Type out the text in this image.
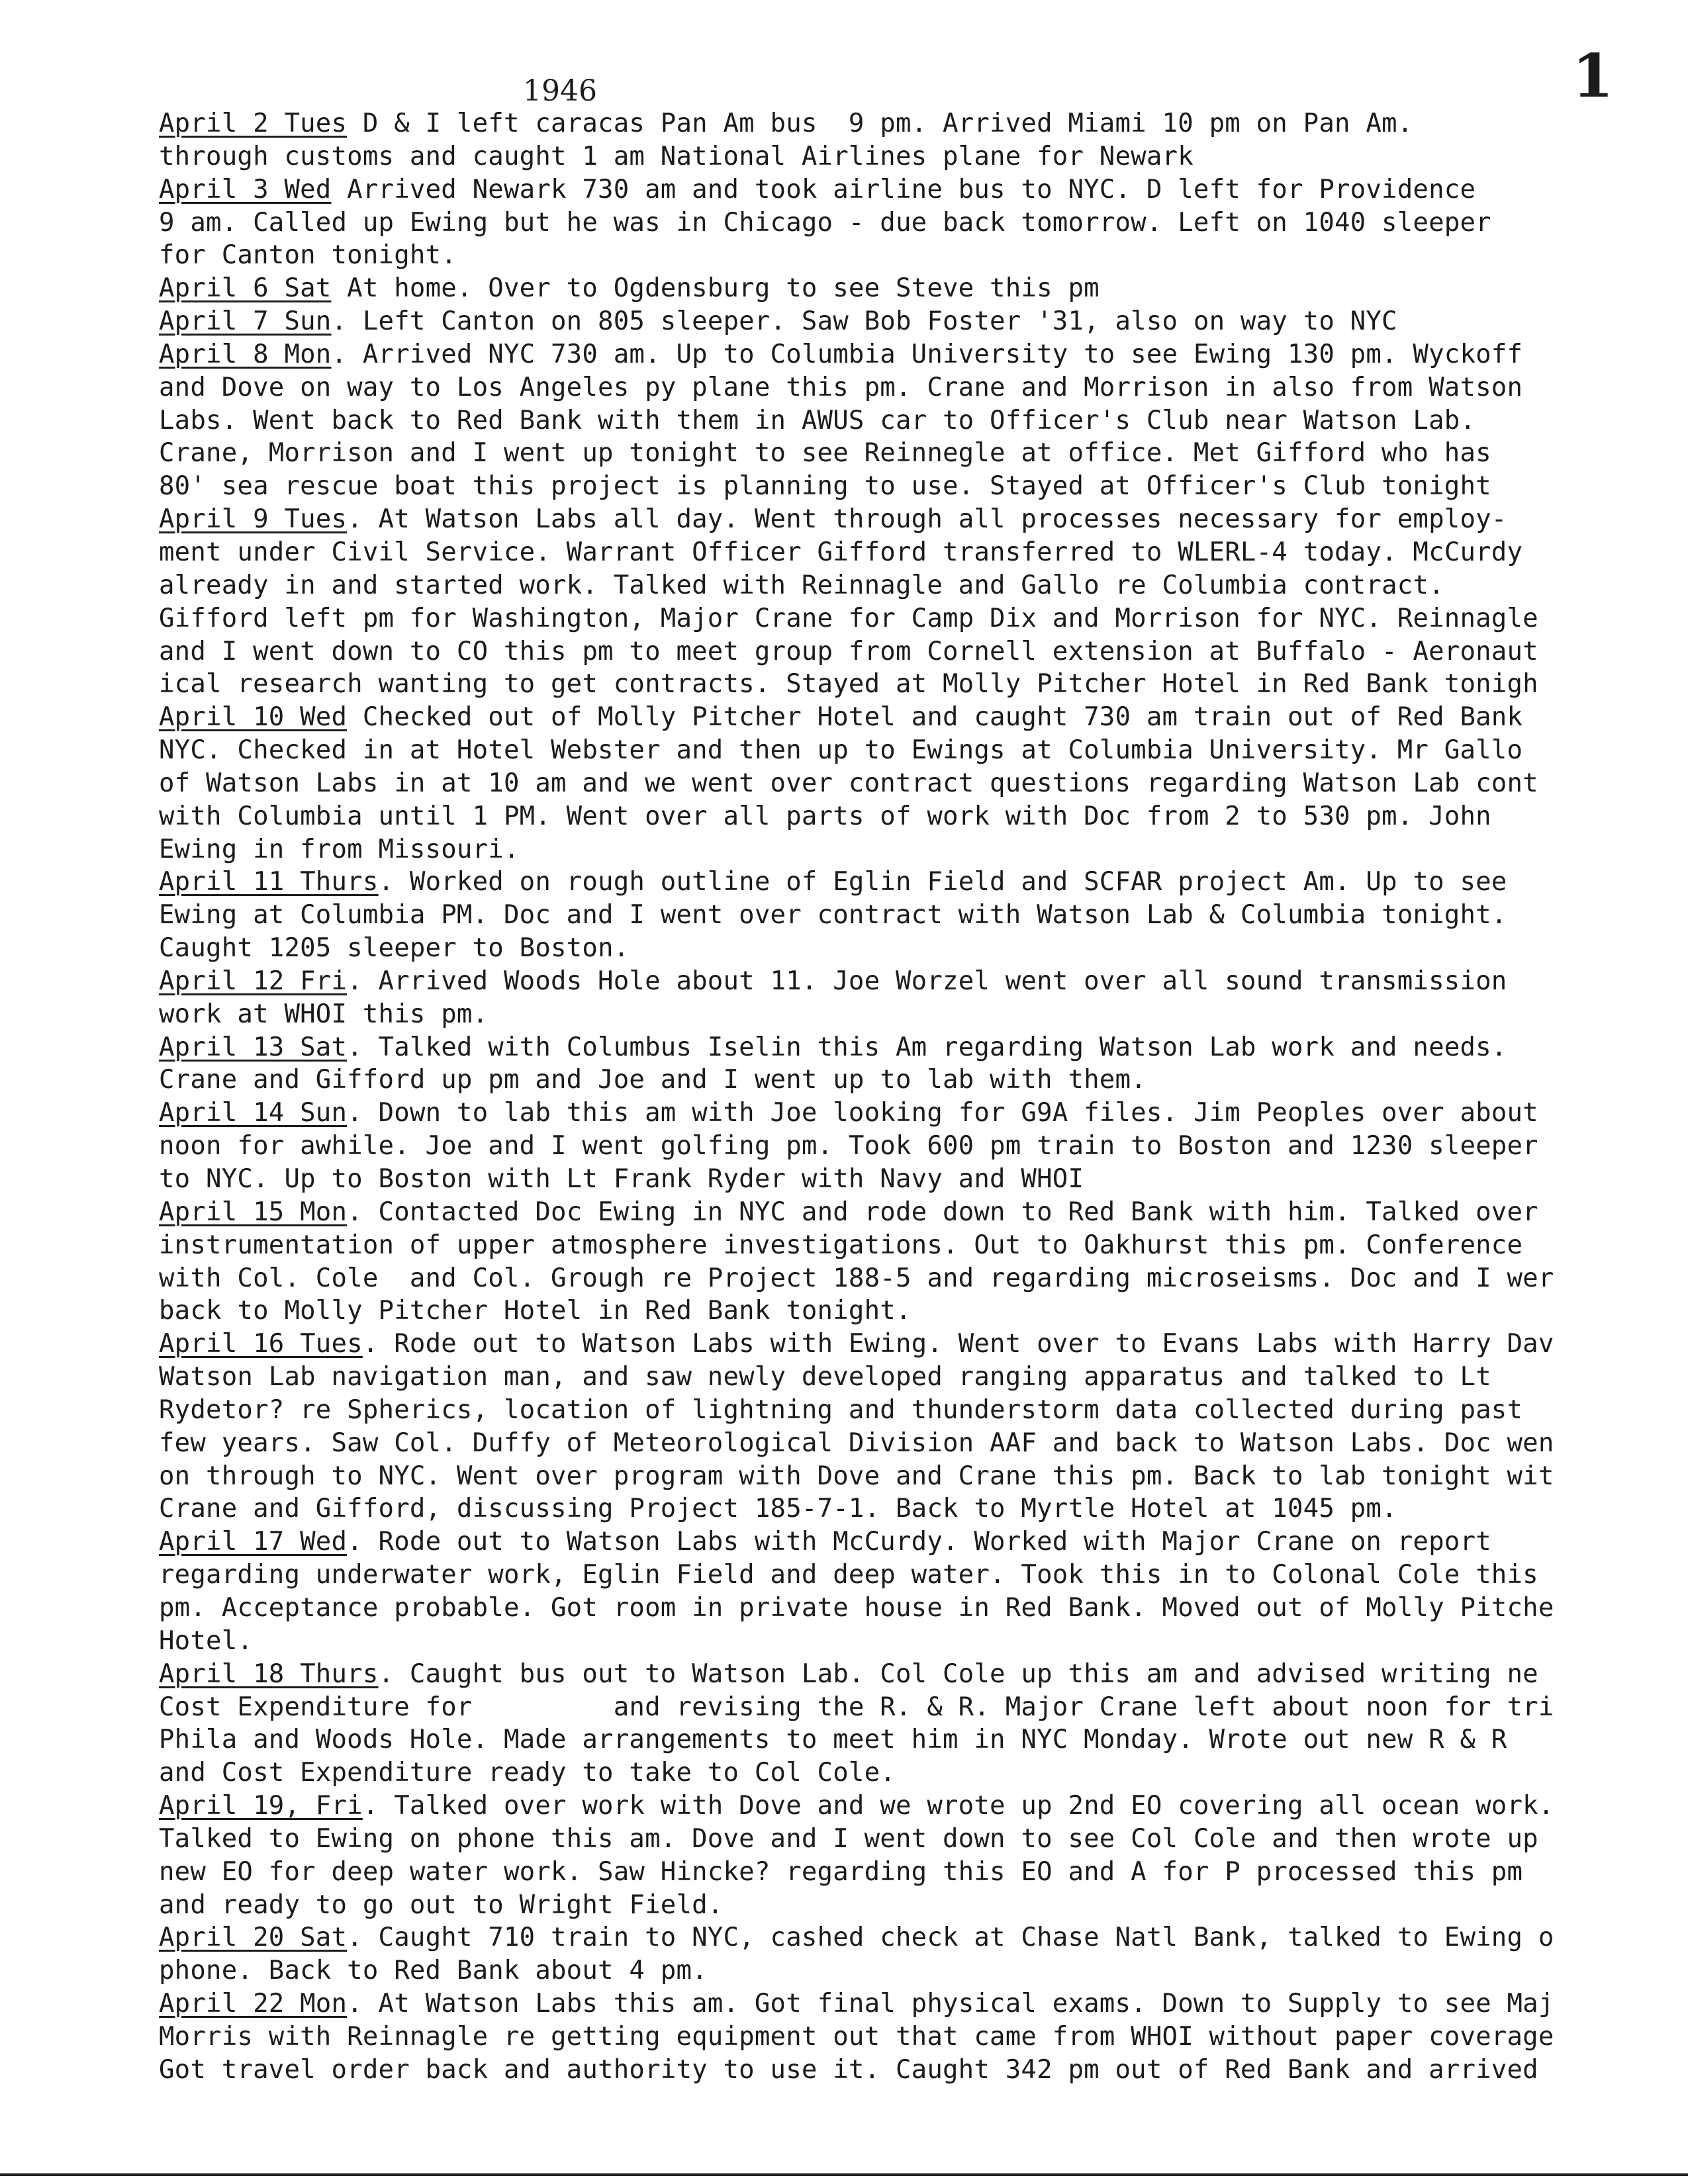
1946	1
April 2 Tues D & I left caracas Pan Am bus  9 pm. Arrived Miami 10 pm on Pan Am.
through customs and caught 1 am National Airlines plane for Newark
April 3 Wed Arrived Newark 730 am and took airline bus to NYC. D left for Providence
9 am. Called up Ewing but he was in Chicago - due back tomorrow. Left on 1040 sleeper
for Canton tonight.
April 6 Sat At home. Over to Ogdensburg to see Steve this pm
April 7 Sun. Left Canton on 805 sleeper. Saw Bob Foster '31, also on way to NYC
April 8 Mon. Arrived NYC 730 am. Up to Columbia University to see Ewing 130 pm. Wyckoff
and Dove on way to Los Angeles py plane this pm. Crane and Morrison in also from Watson
Labs. Went back to Red Bank with them in AWUS car to Officer's Club near Watson Lab.
Crane, Morrison and I went up tonight to see Reinnegle at office. Met Gifford who has
80' sea rescue boat this project is planning to use. Stayed at Officer's Club tonight
April 9 Tues. At Watson Labs all day. Went through all processes necessary for employ-
ment under Civil Service. Warrant Officer Gifford transferred to WLERL-4 today. McCurdy
already in and started work. Talked with Reinnagle and Gallo re Columbia contract.
Gifford left pm for Washington, Major Crane for Camp Dix and Morrison for NYC. Reinnagle
and I went down to CO this pm to meet group from Cornell extension at Buffalo - Aeronaut
ical research wanting to get contracts. Stayed at Molly Pitcher Hotel in Red Bank tonigh
April 10 Wed Checked out of Molly Pitcher Hotel and caught 730 am train out of Red Bank
NYC. Checked in at Hotel Webster and then up to Ewings at Columbia University. Mr Gallo
of Watson Labs in at 10 am and we went over contract questions regarding Watson Lab cont
with Columbia until 1 PM. Went over all parts of work with Doc from 2 to 530 pm. John
Ewing in from Missouri.
April 11 Thurs. Worked on rough outline of Eglin Field and SCFAR project Am. Up to see
Ewing at Columbia PM. Doc and I went over contract with Watson Lab & Columbia tonight.
Caught 1205 sleeper to Boston.
April 12 Fri. Arrived Woods Hole about 11. Joe Worzel went over all sound transmission
work at WHOI this pm.
April 13 Sat. Talked with Columbus Iselin this Am regarding Watson Lab work and needs.
Crane and Gifford up pm and Joe and I went up to lab with them.
April 14 Sun. Down to lab this am with Joe looking for G9A files. Jim Peoples over about
noon for awhile. Joe and I went golfing pm. Took 600 pm train to Boston and 1230 sleeper
to NYC. Up to Boston with Lt Frank Ryder with Navy and WHOI
April 15 Mon. Contacted Doc Ewing in NYC and rode down to Red Bank with him. Talked over
instrumentation of upper atmosphere investigations. Out to Oakhurst this pm. Conference
with Col. Cole  and Col. Grough re Project 188-5 and regarding microseisms. Doc and I wer
back to Molly Pitcher Hotel in Red Bank tonight.
April 16 Tues. Rode out to Watson Labs with Ewing. Went over to Evans Labs with Harry Dav
Watson Lab navigation man, and saw newly developed ranging apparatus and talked to Lt
Rydetor? re Spherics, location of lightning and thunderstorm data collected during past
few years. Saw Col. Duffy of Meteorological Division AAF and back to Watson Labs. Doc wen
on through to NYC. Went over program with Dove and Crane this pm. Back to lab tonight wit
Crane and Gifford, discussing Project 185-7-1. Back to Myrtle Hotel at 1045 pm.
April 17 Wed. Rode out to Watson Labs with McCurdy. Worked with Major Crane on report
regarding underwater work, Eglin Field and deep water. Took this in to Colonal Cole this
pm. Acceptance probable. Got room in private house in Red Bank. Moved out of Molly Pitche
Hotel.
April 18 Thurs. Caught bus out to Watson Lab. Col Cole up this am and advised writing ne
Cost Expenditure for         and revising the R. & R. Major Crane left about noon for tri
Phila and Woods Hole. Made arrangements to meet him in NYC Monday. Wrote out new R & R
and Cost Expenditure ready to take to Col Cole.
April 19, Fri. Talked over work with Dove and we wrote up 2nd EO covering all ocean work.
Talked to Ewing on phone this am. Dove and I went down to see Col Cole and then wrote up
new EO for deep water work. Saw Hincke? regarding this EO and A for P processed this pm
and ready to go out to Wright Field.
April 20 Sat. Caught 710 train to NYC, cashed check at Chase Natl Bank, talked to Ewing o
phone. Back to Red Bank about 4 pm.
April 22 Mon. At Watson Labs this am. Got final physical exams. Down to Supply to see Maj
Morris with Reinnagle re getting equipment out that came from WHOI without paper coverage
Got travel order back and authority to use it. Caught 342 pm out of Red Bank and arrived
